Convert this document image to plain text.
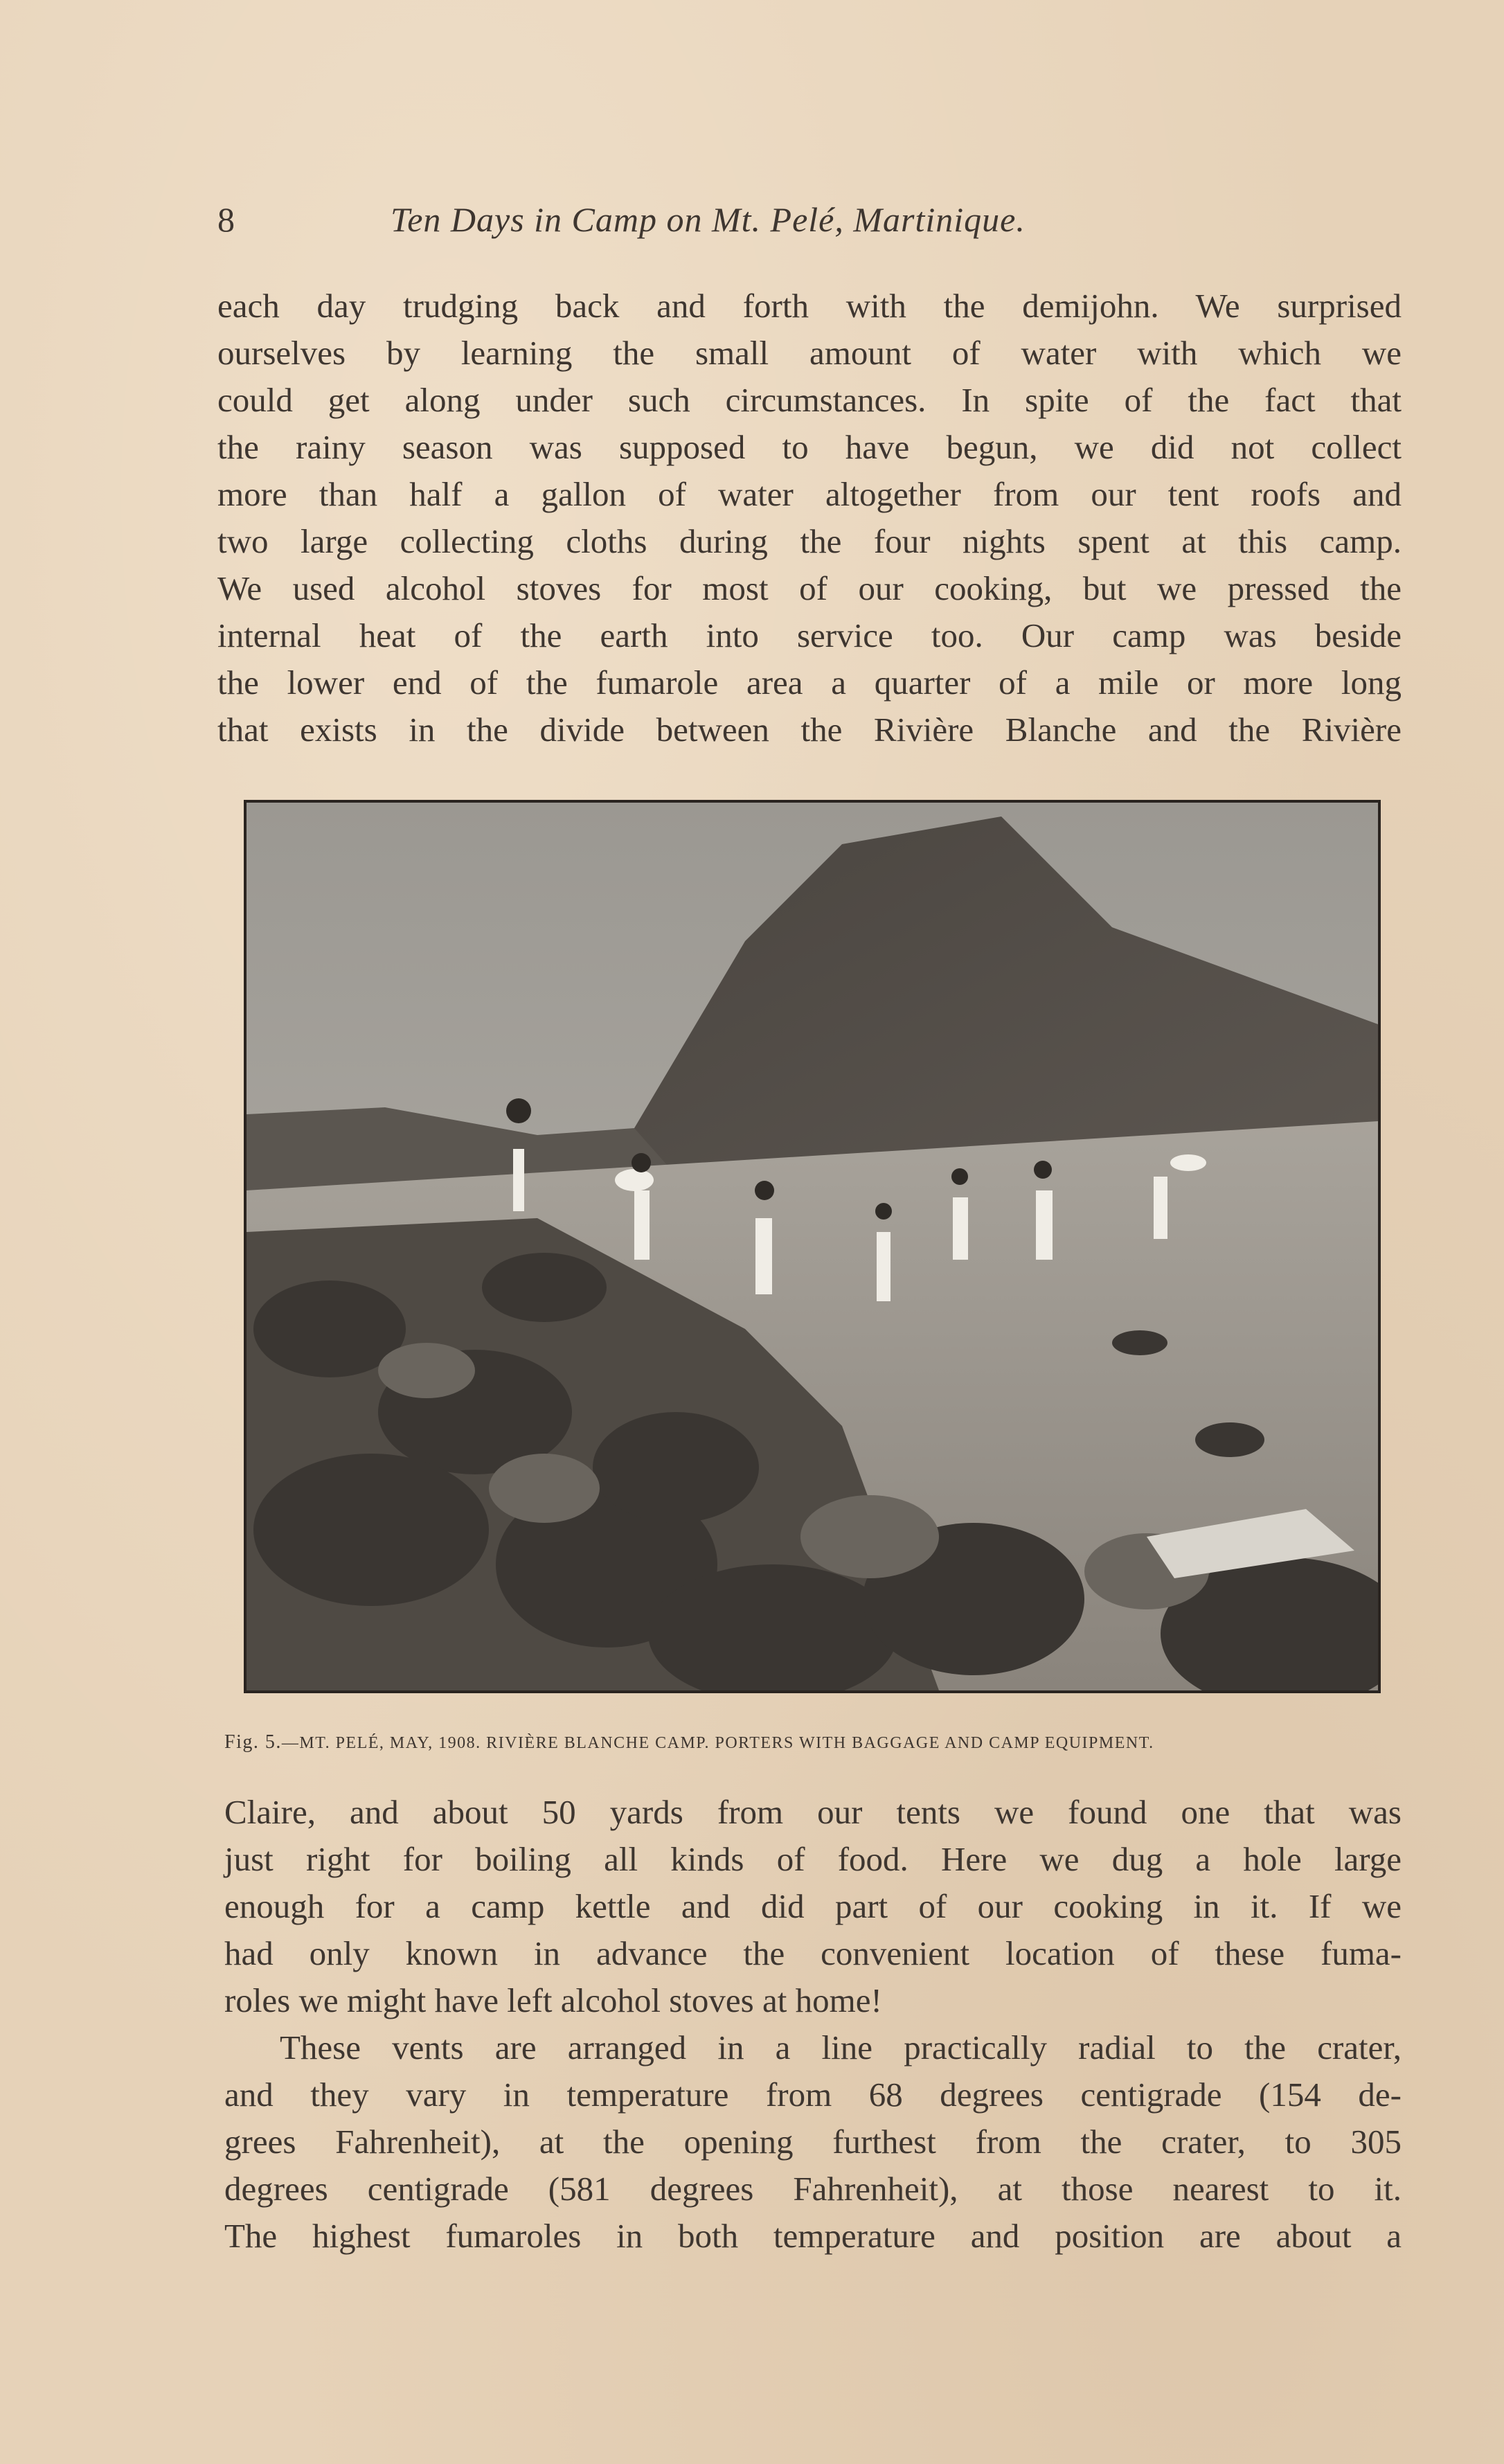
8	Ten Days in Camp on Mt. Pelé, Martinique.
each day trudging back and forth with the demijohn. We surprised
ourselves by learning the small amount of water with which we
could get along under such circumstances. In spite of the fact that
the rainy season was supposed to have begun, we did not collect
more than half a gallon of water altogether from our tent roofs and
two large collecting cloths during the four nights spent at this camp.
We used alcohol stoves for most of our cooking, but we pressed the
internal heat of the earth into service too. Our camp was beside
the lower end of the fumarole area a quarter of a mile or more long
that exists in the divide between the Rivière Blanche and the Rivière
Fig. 5.—MT. PELÉ, MAY, 1908. RIVIÈRE BLANCHE CAMP. PORTERS WITH BAGGAGE AND CAMP EQUIPMENT.
Claire, and about 50 yards from our tents we found one that was
just right for boiling all kinds of food. Here we dug a hole large
enough for a camp kettle and did part of our cooking in it. If we
had only known in advance the convenient location of these fuma-
roles we might have left alcohol stoves at home!
These vents are arranged in a line practically radial to the crater,
and they vary in temperature from 68 degrees centigrade (154 de-
grees Fahrenheit), at the opening furthest from the crater, to 305
degrees centigrade (581 degrees Fahrenheit), at those nearest to it.
The highest fumaroles in both temperature and position are about a
